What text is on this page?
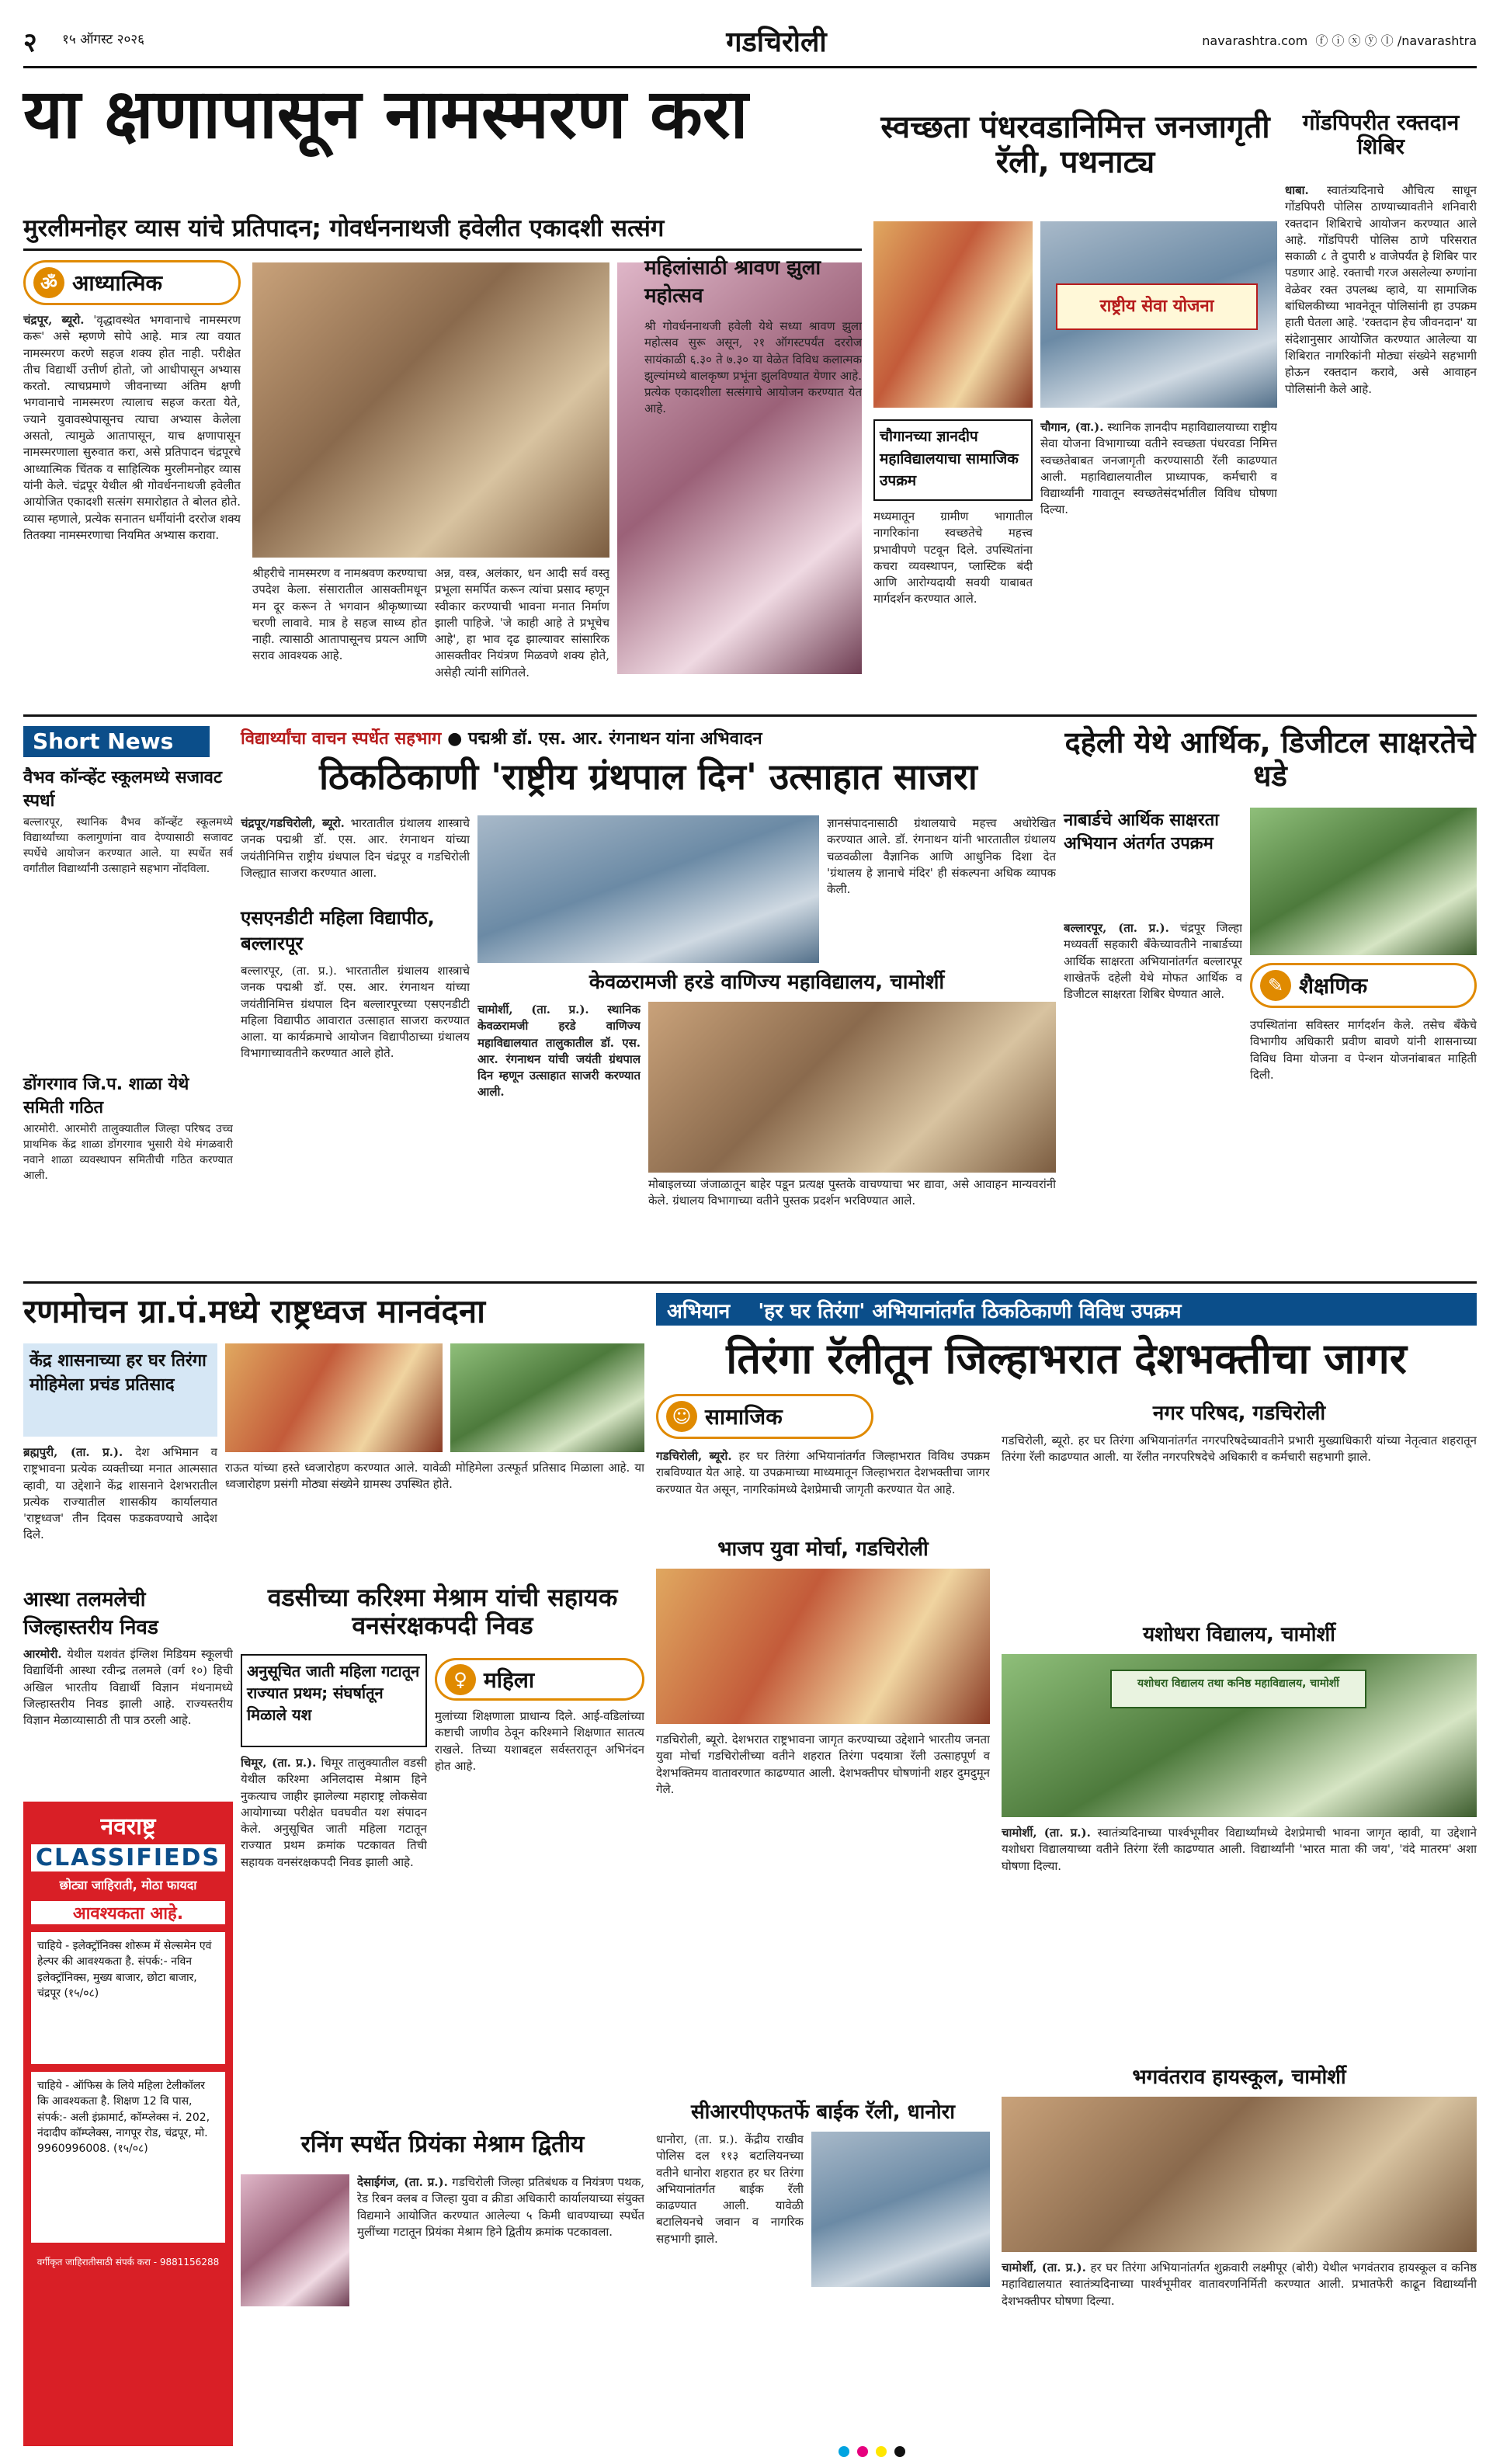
२ १५ ऑगस्ट २०२६	गडचिरोली	navarashtra.com ⓕ ⓘ ⓧ ⓨ ⓛ /navarashtra
या क्षणापासून नामस्मरण करा
मुरलीमनोहर व्यास यांचे प्रतिपादन; गोवर्धननाथजी हवेलीत एकादशी सत्संग
ॐ आध्यात्मिक
चंद्रपूर, ब्यूरो. 'वृद्धावस्थेत भगवानाचे नामस्मरण करू' असे म्हणणे सोपे आहे. मात्र त्या वयात नामस्मरण करणे सहज शक्य होत नाही. परीक्षेत तीच विद्यार्थी उत्तीर्ण होतो, जो आधीपासून अभ्यास करतो. त्याचप्रमाणे जीवनाच्या अंतिम क्षणी भगवानाचे नामस्मरण त्यालाच सहज करता येते, ज्याने युवावस्थेपासूनच त्याचा अभ्यास केलेला असतो, त्यामुळे आतापासून, याच क्षणापासून नामस्मरणाला सुरुवात करा, असे प्रतिपादन चंद्रपूरचे आध्यात्मिक चिंतक व साहित्यिक मुरलीमनोहर व्यास यांनी केले. चंद्रपूर येथील श्री गोवर्धननाथजी हवेलीत आयोजित एकादशी सत्संग समारोहात ते बोलत होते. व्यास म्हणाले, प्रत्येक सनातन धर्मीयांनी दररोज शक्य तितक्या नामस्मरणाचा नियमित अभ्यास करावा.
श्रीहरीचे नामस्मरण व नामश्रवण करण्याचा उपदेश केला. संसारातील आसक्तीमधून मन दूर करून ते भगवान श्रीकृष्णाच्या चरणी लावावे. मात्र हे सहज साध्य होत नाही. त्यासाठी आतापासूनच प्रयत्न आणि सराव आवश्यक आहे.
अन्न, वस्त्र, अलंकार, धन आदी सर्व वस्तू प्रभूला समर्पित करून त्यांचा प्रसाद म्हणून स्वीकार करण्याची भावना मनात निर्माण झाली पाहिजे. 'जे काही आहे ते प्रभूचेच आहे', हा भाव दृढ झाल्यावर सांसारिक आसक्तीवर नियंत्रण मिळवणे शक्य होते, असेही त्यांनी सांगितले.
महिलांसाठी श्रावण झुला महोत्सव
श्री गोवर्धननाथजी हवेली येथे सध्या श्रावण झुला महोत्सव सुरू असून, २१ ऑगस्टपर्यंत दररोज सायंकाळी ६.३० ते ७.३० या वेळेत विविध कलात्मक झुल्यांमध्ये बालकृष्ण प्रभूंना झुलविण्यात येणार आहे. प्रत्येक एकादशीला सत्संगाचे आयोजन करण्यात येत आहे.
स्वच्छता पंधरवडानिमित्त जनजागृती रॅली, पथनाट्य
राष्ट्रीय सेवा योजना
चौगानच्या ज्ञानदीप महाविद्यालयाचा सामाजिक उपक्रम
चौगान, (वा.). स्थानिक ज्ञानदीप महाविद्यालयाच्या राष्ट्रीय सेवा योजना विभागाच्या वतीने स्वच्छता पंधरवडा निमित्त स्वच्छतेबाबत जनजागृती करण्यासाठी रॅली काढण्यात आली. महाविद्यालयातील प्राध्यापक, कर्मचारी व विद्यार्थ्यांनी गावातून स्वच्छतेसंदर्भातील विविध घोषणा दिल्या.
मध्यमातून ग्रामीण भागातील नागरिकांना स्वच्छतेचे महत्त्व प्रभावीपणे पटवून दिले. उपस्थितांना कचरा व्यवस्थापन, प्लास्टिक बंदी आणि आरोग्यदायी सवयी याबाबत मार्गदर्शन करण्यात आले.
गोंडपिपरीत रक्तदान शिबिर
धाबा. स्वातंत्र्यदिनाचे औचित्य साधून गोंडपिपरी पोलिस ठाण्याच्यावतीने शनिवारी रक्तदान शिबिराचे आयोजन करण्यात आले आहे. गोंडपिपरी पोलिस ठाणे परिसरात सकाळी ८ ते दुपारी ४ वाजेपर्यंत हे शिबिर पार पडणार आहे. रक्ताची गरज असलेल्या रुग्णांना वेळेवर रक्त उपलब्ध व्हावे, या सामाजिक बांधिलकीच्या भावनेतून पोलिसांनी हा उपक्रम हाती घेतला आहे. 'रक्तदान हेच जीवनदान' या संदेशानुसार आयोजित करण्यात आलेल्या या शिबिरात नागरिकांनी मोठ्या संख्येने सहभागी होऊन रक्तदान करावे, असे आवाहन पोलिसांनी केले आहे.
Short News
वैभव कॉन्व्हेंट स्कूलमध्ये सजावट स्पर्धा
बल्लारपूर, स्थानिक वैभव कॉन्व्हेंट स्कूलमध्ये विद्यार्थ्यांच्या कलागुणांना वाव देण्यासाठी सजावट स्पर्धेचे आयोजन करण्यात आले. या स्पर्धेत सर्व वर्गांतील विद्यार्थ्यांनी उत्साहाने सहभाग नोंदविला.
डोंगरगाव जि.प. शाळा येथे समिती गठित
आरमोरी. आरमोरी तालुक्यातील जिल्हा परिषद उच्च प्राथमिक केंद्र शाळा डोंगरगाव भुसारी येथे मंगळवारी नवाने शाळा व्यवस्थापन समितीची गठित करण्यात आली.
विद्यार्थ्यांचा वाचन स्पर्धेत सहभाग ● पद्मश्री डॉ. एस. आर. रंगनाथन यांना अभिवादन
ठिकठिकाणी 'राष्ट्रीय ग्रंथपाल दिन' उत्साहात साजरा
चंद्रपूर/गडचिरोली, ब्यूरो. भारतातील ग्रंथालय शास्त्राचे जनक पद्मश्री डॉ. एस. आर. रंगनाथन यांच्या जयंतीनिमित्त राष्ट्रीय ग्रंथपाल दिन चंद्रपूर व गडचिरोली जिल्ह्यात साजरा करण्यात आला.
एसएनडीटी महिला विद्यापीठ, बल्लारपूर
बल्लारपूर, (ता. प्र.). भारतातील ग्रंथालय शास्त्राचे जनक पद्मश्री डॉ. एस. आर. रंगनाथन यांच्या जयंतीनिमित्त ग्रंथपाल दिन बल्लारपूरच्या एसएनडीटी महिला विद्यापीठ आवारात उत्साहात साजरा करण्यात आला. या कार्यक्रमाचे आयोजन विद्यापीठाच्या ग्रंथालय विभागाच्यावतीने करण्यात आले होते.
ज्ञानसंपादनासाठी ग्रंथालयाचे महत्त्व अधोरेखित करण्यात आले. डॉ. रंगनाथन यांनी भारतातील ग्रंथालय चळवळीला वैज्ञानिक आणि आधुनिक दिशा देत 'ग्रंथालय हे ज्ञानाचे मंदिर' ही संकल्पना अधिक व्यापक केली.
केवळरामजी हरडे वाणिज्य महाविद्यालय, चामोर्शी
चामोर्शी, (ता. प्र.). स्थानिक केवळरामजी हरडे वाणिज्य महाविद्यालयात तालुकातील डॉ. एस. आर. रंगनाथन यांची जयंती ग्रंथपाल दिन म्हणून उत्साहात साजरी करण्यात आली.
मोबाइलच्या जंजाळातून बाहेर पडून प्रत्यक्ष पुस्तके वाचण्याचा भर द्यावा, असे आवाहन मान्यवरांनी केले. ग्रंथालय विभागाच्या वतीने पुस्तक प्रदर्शन भरविण्यात आले.
दहेली येथे आर्थिक, डिजीटल साक्षरतेचे धडे
नाबार्डचे आर्थिक साक्षरता अभियान अंतर्गत उपक्रम
बल्लारपूर, (ता. प्र.). चंद्रपूर जिल्हा मध्यवर्ती सहकारी बँकेच्यावतीने नाबार्डच्या आर्थिक साक्षरता अभियानांतर्गत बल्लारपूर शाखेतर्फे दहेली येथे मोफत आर्थिक व डिजीटल साक्षरता शिबिर घेण्यात आले.	✎ शैक्षणिक
उपस्थितांना सविस्तर मार्गदर्शन केले. तसेच बँकेचे विभागीय अधिकारी प्रवीण बावणे यांनी शासनाच्या विविध विमा योजना व पेन्शन योजनांबाबत माहिती दिली.
रणमोचन ग्रा.पं.मध्ये राष्ट्रध्वज मानवंदना
केंद्र शासनाच्या हर घर तिरंगा मोहिमेला प्रचंड प्रतिसाद
ब्रह्मपुरी, (ता. प्र.). देश अभिमान व राष्ट्रभावना प्रत्येक व्यक्तीच्या मनात आत्मसात व्हावी, या उद्देशाने केंद्र शासनाने देशभरातील प्रत्येक राज्यातील शासकीय कार्यालयात 'राष्ट्रध्वज' तीन दिवस फडकवण्याचे आदेश दिले.
राऊत यांच्या हस्ते ध्वजारोहण करण्यात आले. यावेळी मोहिमेला उत्स्फूर्त प्रतिसाद मिळाला आहे. या ध्वजारोहण प्रसंगी मोठ्या संख्येने ग्रामस्थ उपस्थित होते.
आस्था तलमलेची जिल्हास्तरीय निवड
आरमोरी. येथील यशवंत इंग्लिश मिडियम स्कूलची विद्यार्थिनी आस्था रवीन्द्र तलमले (वर्ग १०) हिची अखिल भारतीय विद्यार्थी विज्ञान मंथनामध्ये जिल्हास्तरीय निवड झाली आहे. राज्यस्तरीय विज्ञान मेळाव्यासाठी ती पात्र ठरली आहे.
नवराष्ट्र
CLASSIFIEDS
छोट्या जाहिराती, मोठा फायदा
आवश्यकता आहे.
चाहिये - इलेक्ट्रॉनिक्स शोरूम में सेल्समेन एवं हेल्पर की आवश्यकता है. संपर्क:- नविन इलेक्ट्रॉनिक्स, मुख्य बाजार, छोटा बाजार, चंद्रपूर (१५/०८)
चाहिये - ऑफिस के लिये महिला टेलीकॉलर कि आवश्यकता है. शिक्षण 12 वि पास, संपर्क:- अली इंफ्रामार्ट, कॉम्प्लेक्स नं. 202, नंदादीप कॉम्प्लेक्स, नागपूर रोड, चंद्रपूर, मो. 9960996008. (१५/०८)
वर्गीकृत जाहिरातीसाठी संपर्क करा - 9881156288
वडसीच्या करिश्मा मेश्राम यांची सहायक वनसंरक्षकपदी निवड
अनुसूचित जाती महिला गटातून राज्यात प्रथम; संघर्षातून मिळाले यश
♀ महिला
चिमूर, (ता. प्र.). चिमूर तालुक्यातील वडसी येथील करिश्मा अनिलदास मेश्राम हिने नुकत्याच जाहीर झालेल्या महाराष्ट्र लोकसेवा आयोगाच्या परीक्षेत घवघवीत यश संपादन केले. अनुसूचित जाती महिला गटातून राज्यात प्रथम क्रमांक पटकावत तिची सहायक वनसंरक्षकपदी निवड झाली आहे.
मुलांच्या शिक्षणाला प्राधान्य दिले. आई-वडिलांच्या कष्टाची जाणीव ठेवून करिश्माने शिक्षणात सातत्य राखले. तिच्या यशाबद्दल सर्वस्तरातून अभिनंदन होत आहे.
रनिंग स्पर्धेत प्रियंका मेश्राम द्वितीय
देसाईगंज, (ता. प्र.). गडचिरोली जिल्हा प्रतिबंधक व नियंत्रण पथक, रेड रिबन क्लब व जिल्हा युवा व क्रीडा अधिकारी कार्यालयाच्या संयुक्त विद्यमाने आयोजित करण्यात आलेल्या ५ किमी धावण्याच्या स्पर्धेत मुलींच्या गटातून प्रियंका मेश्राम हिने द्वितीय क्रमांक पटकावला.
अभियान 'हर घर तिरंगा' अभियानांतर्गत ठिकठिकाणी विविध उपक्रम
तिरंगा रॅलीतून जिल्हाभरात देशभक्तीचा जागर
☺ सामाजिक
गडचिरोली, ब्यूरो. हर घर तिरंगा अभियानांतर्गत जिल्हाभरात विविध उपक्रम राबविण्यात येत आहे. या उपक्रमाच्या माध्यमातून जिल्हाभरात देशभक्तीचा जागर करण्यात येत असून, नागरिकांमध्ये देशप्रेमाची जागृती करण्यात येत आहे.
नगर परिषद, गडचिरोली
गडचिरोली, ब्यूरो. हर घर तिरंगा अभियानांतर्गत नगरपरिषदेच्यावतीने प्रभारी मुख्याधिकारी यांच्या नेतृत्वात शहरातून तिरंगा रॅली काढण्यात आली. या रॅलीत नगरपरिषदेचे अधिकारी व कर्मचारी सहभागी झाले.
भाजप युवा मोर्चा, गडचिरोली
गडचिरोली, ब्यूरो. देशभरात राष्ट्रभावना जागृत करण्याच्या उद्देशाने भारतीय जनता युवा मोर्चा गडचिरोलीच्या वतीने शहरात तिरंगा पदयात्रा रॅली उत्साहपूर्ण व देशभक्तिमय वातावरणात काढण्यात आली. देशभक्तीपर घोषणांनी शहर दुमदुमून गेले.
सीआरपीएफतर्फे बाईक रॅली, धानोरा
धानोरा, (ता. प्र.). केंद्रीय राखीव पोलिस दल ११३ बटालियनच्या वतीने धानोरा शहरात हर घर तिरंगा अभियानांतर्गत बाईक रॅली काढण्यात आली. यावेळी बटालियनचे जवान व नागरिक सहभागी झाले.
यशोधरा विद्यालय, चामोर्शी
यशोधरा विद्यालय तथा कनिष्ठ महाविद्यालय, चामोर्शी
चामोर्शी, (ता. प्र.). स्वातंत्र्यदिनाच्या पार्श्वभूमीवर विद्यार्थ्यांमध्ये देशप्रेमाची भावना जागृत व्हावी, या उद्देशाने यशोधरा विद्यालयाच्या वतीने तिरंगा रॅली काढण्यात आली. विद्यार्थ्यांनी 'भारत माता की जय', 'वंदे मातरम' अशा घोषणा दिल्या.
भगवंतराव हायस्कूल, चामोर्शी
चामोर्शी, (ता. प्र.). हर घर तिरंगा अभियानांतर्गत शुक्रवारी लक्ष्मीपूर (बोरी) येथील भगवंतराव हायस्कूल व कनिष्ठ महाविद्यालयात स्वातंत्र्यदिनाच्या पार्श्वभूमीवर वातावरणनिर्मिती करण्यात आली. प्रभातफेरी काढून विद्यार्थ्यांनी देशभक्तीपर घोषणा दिल्या.
